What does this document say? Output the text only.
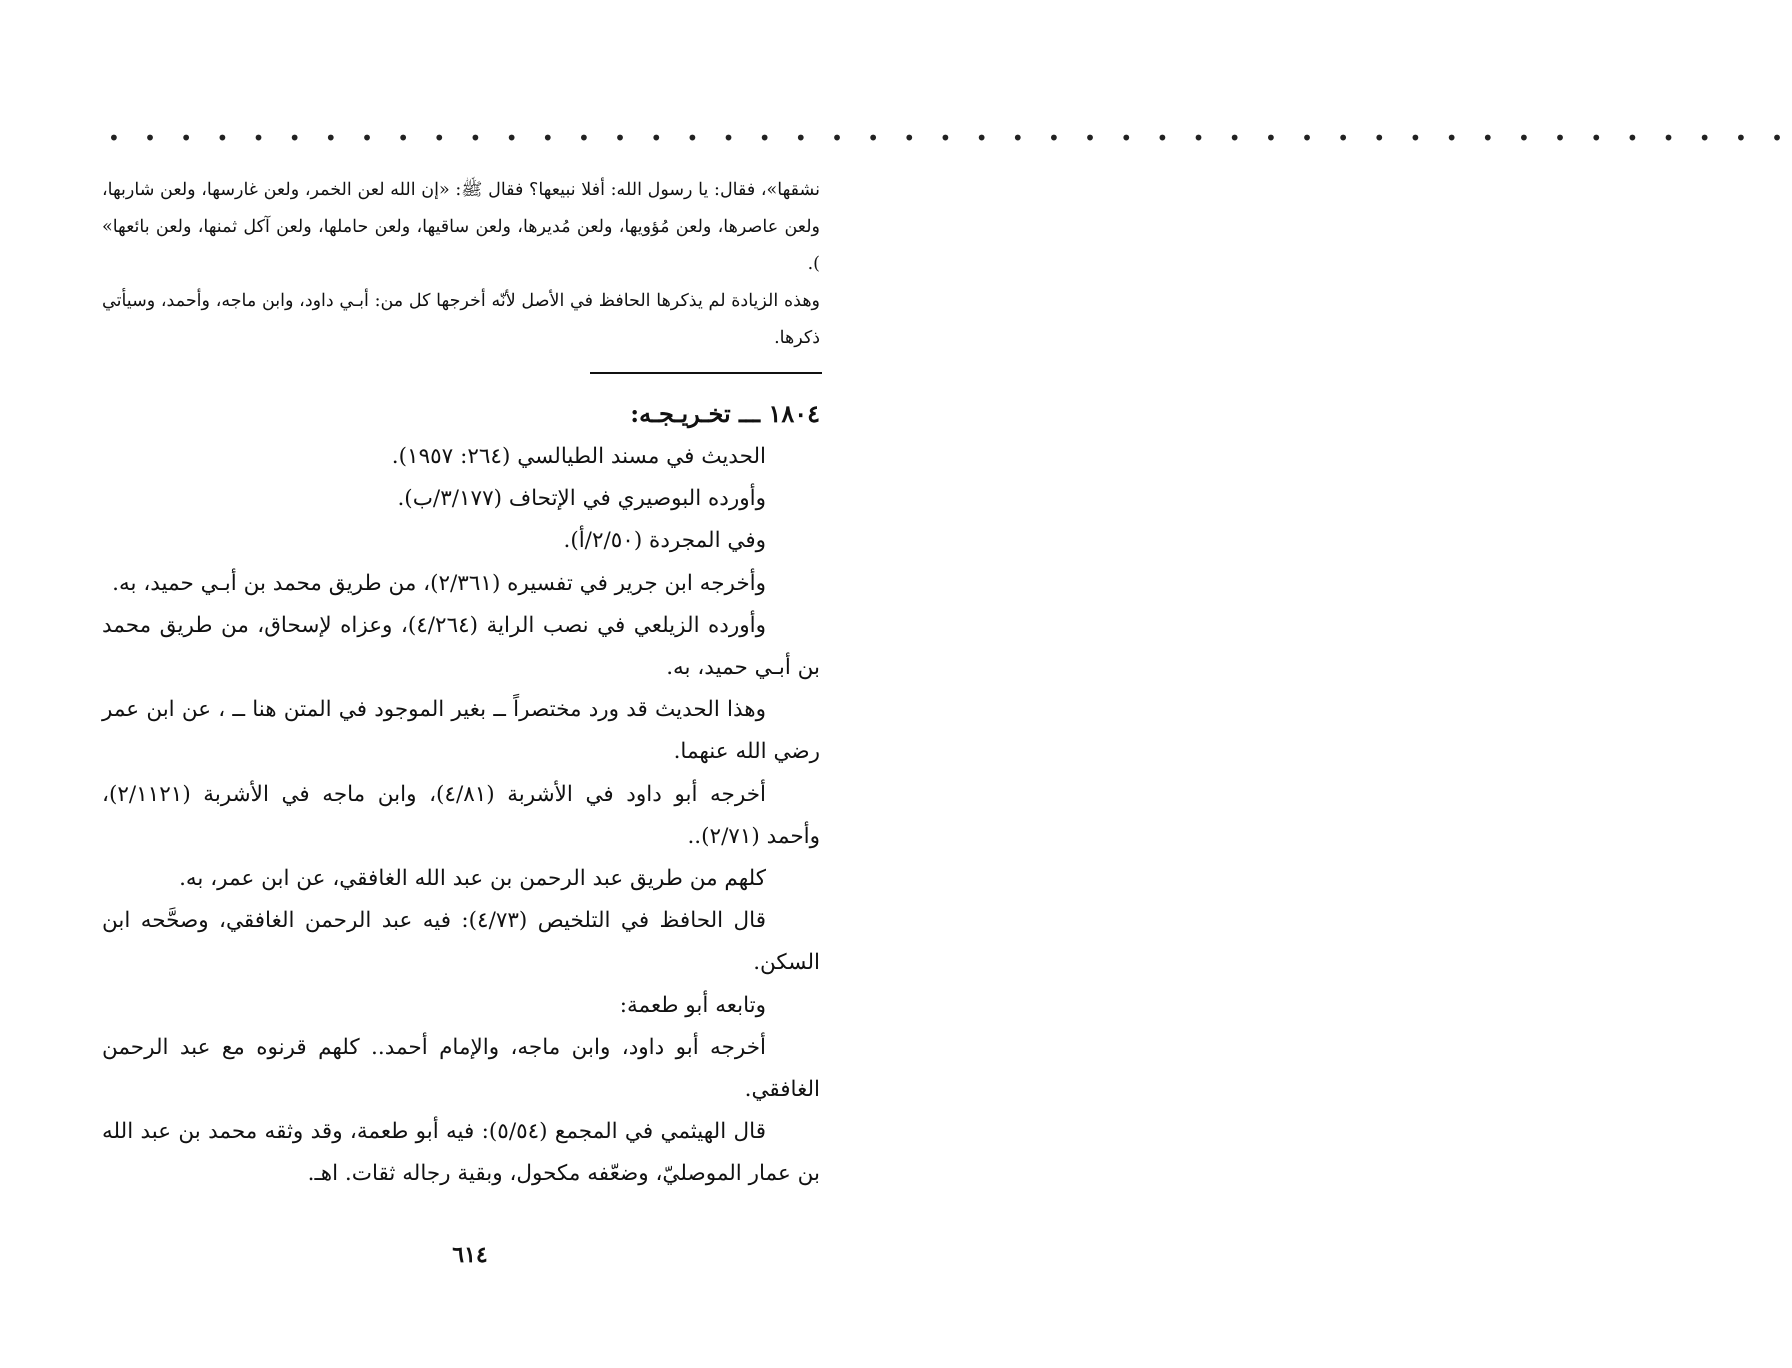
• • • • • • • • • • • • • • • • • • • • • • • • • • • • • • • • • • • • • • • • • • • • • • •

نشقها»، فقال: يا رسول الله: أفلا نبيعها؟ فقال ﷺ: «إن الله لعن الخمر، ولعن غارسها، ولعن شاربها، ولعن عاصرها، ولعن مُؤويها، ولعن مُديرها، ولعن ساقيها، ولعن حاملها، ولعن آكل ثمنها، ولعن بائعها» ).

وهذه الزيادة لم يذكرها الحافظ في الأصل لأنّه أخرجها كل من: أبـي داود، وابن ماجه، وأحمد، وسيأتي ذكرها.

١٨٠٤ ـــ تخـريـجـه:

الحديث في مسند الطيالسي (٢٦٤: ١٩٥٧).

وأورده البوصيري في الإتحاف (٣/١٧٧/ب).

وفي المجردة (٢/٥٠/أ).

وأخرجه ابن جرير في تفسيره (٢/٣٦١)، من طريق محمد بن أبـي حميد، به.

وأورده الزيلعي في نصب الراية (٤/٢٦٤)، وعزاه لإسحاق، من طريق محمد بن أبـي حميد، به.

وهذا الحديث قد ورد مختصراً ــ بغير الموجود في المتن هنا ــ ، عن ابن عمر رضي الله عنهما.

أخرجه أبو داود في الأشربة (٤/٨١)، وابن ماجه في الأشربة (٢/١١٢١)، وأحمد (٢/٧١)..

كلهم من طريق عبد الرحمن بن عبد الله الغافقي، عن ابن عمر، به.

قال الحافظ في التلخيص (٤/٧٣): فيه عبد الرحمن الغافقي، وصحَّحه ابن السكن.

وتابعه أبو طعمة:

أخرجه أبو داود، وابن ماجه، والإمام أحمد.. كلهم قرنوه مع عبد الرحمن الغافقي.

قال الهيثمي في المجمع (٥/٥٤): فيه أبو طعمة، وقد وثقه محمد بن عبد الله بن عمار الموصليّ، وضعّفه مكحول، وبقية رجاله ثقات. اهـ.

٦١٤
